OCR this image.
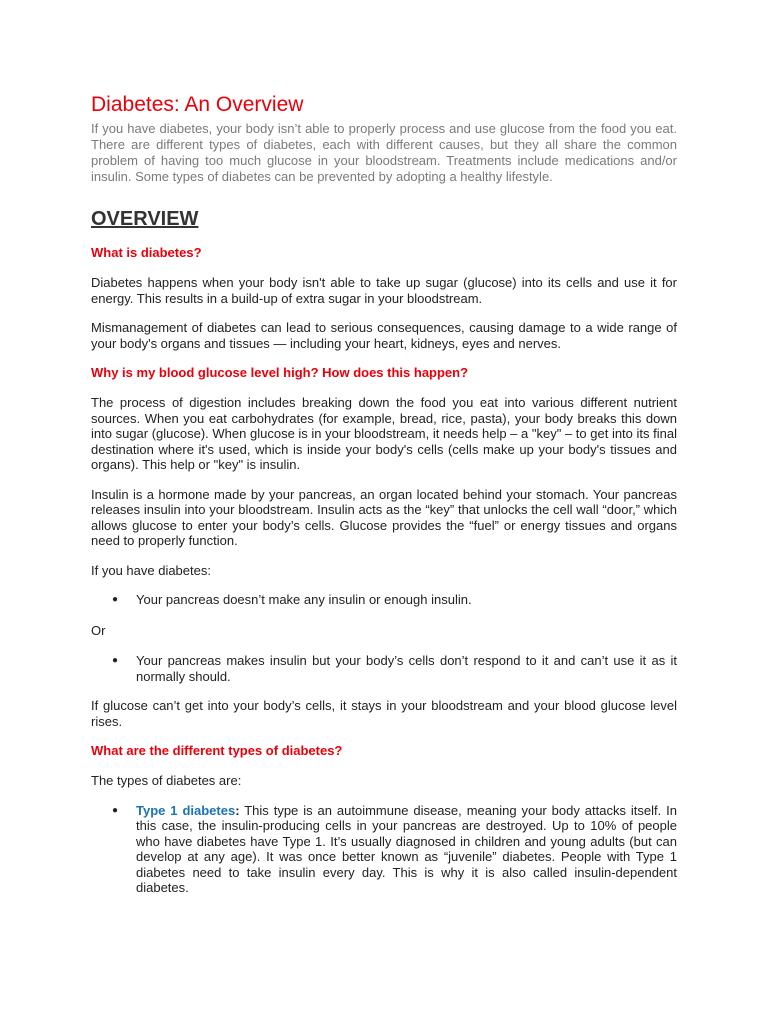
Diabetes: An Overview

If you have diabetes, your body isn’t able to properly process and use glucose from the food you eat. There are different types of diabetes, each with different causes, but they all share the common problem of having too much glucose in your bloodstream. Treatments include medications and/or insulin. Some types of diabetes can be prevented by adopting a healthy lifestyle.

OVERVIEW

What is diabetes?

Diabetes happens when your body isn't able to take up sugar (glucose) into its cells and use it for energy. This results in a build-up of extra sugar in your bloodstream.

Mismanagement of diabetes can lead to serious consequences, causing damage to a wide range of your body's organs and tissues — including your heart, kidneys, eyes and nerves.

Why is my blood glucose level high? How does this happen?

The process of digestion includes breaking down the food you eat into various different nutrient sources. When you eat carbohydrates (for example, bread, rice, pasta), your body breaks this down into sugar (glucose). When glucose is in your bloodstream, it needs help – a "key" – to get into its final destination where it's used, which is inside your body's cells (cells make up your body's tissues and organs). This help or "key" is insulin.

Insulin is a hormone made by your pancreas, an organ located behind your stomach. Your pancreas releases insulin into your bloodstream. Insulin acts as the “key” that unlocks the cell wall “door,” which allows glucose to enter your body’s cells. Glucose provides the “fuel” or energy tissues and organs need to properly function.

If you have diabetes:

● Your pancreas doesn’t make any insulin or enough insulin.

Or

● Your pancreas makes insulin but your body’s cells don’t respond to it and can’t use it as it normally should.

If glucose can’t get into your body’s cells, it stays in your bloodstream and your blood glucose level rises.

What are the different types of diabetes?

The types of diabetes are:

● Type 1 diabetes: This type is an autoimmune disease, meaning your body attacks itself. In this case, the insulin-producing cells in your pancreas are destroyed. Up to 10% of people who have diabetes have Type 1. It’s usually diagnosed in children and young adults (but can develop at any age). It was once better known as “juvenile” diabetes. People with Type 1 diabetes need to take insulin every day. This is why it is also called insulin-dependent diabetes.
